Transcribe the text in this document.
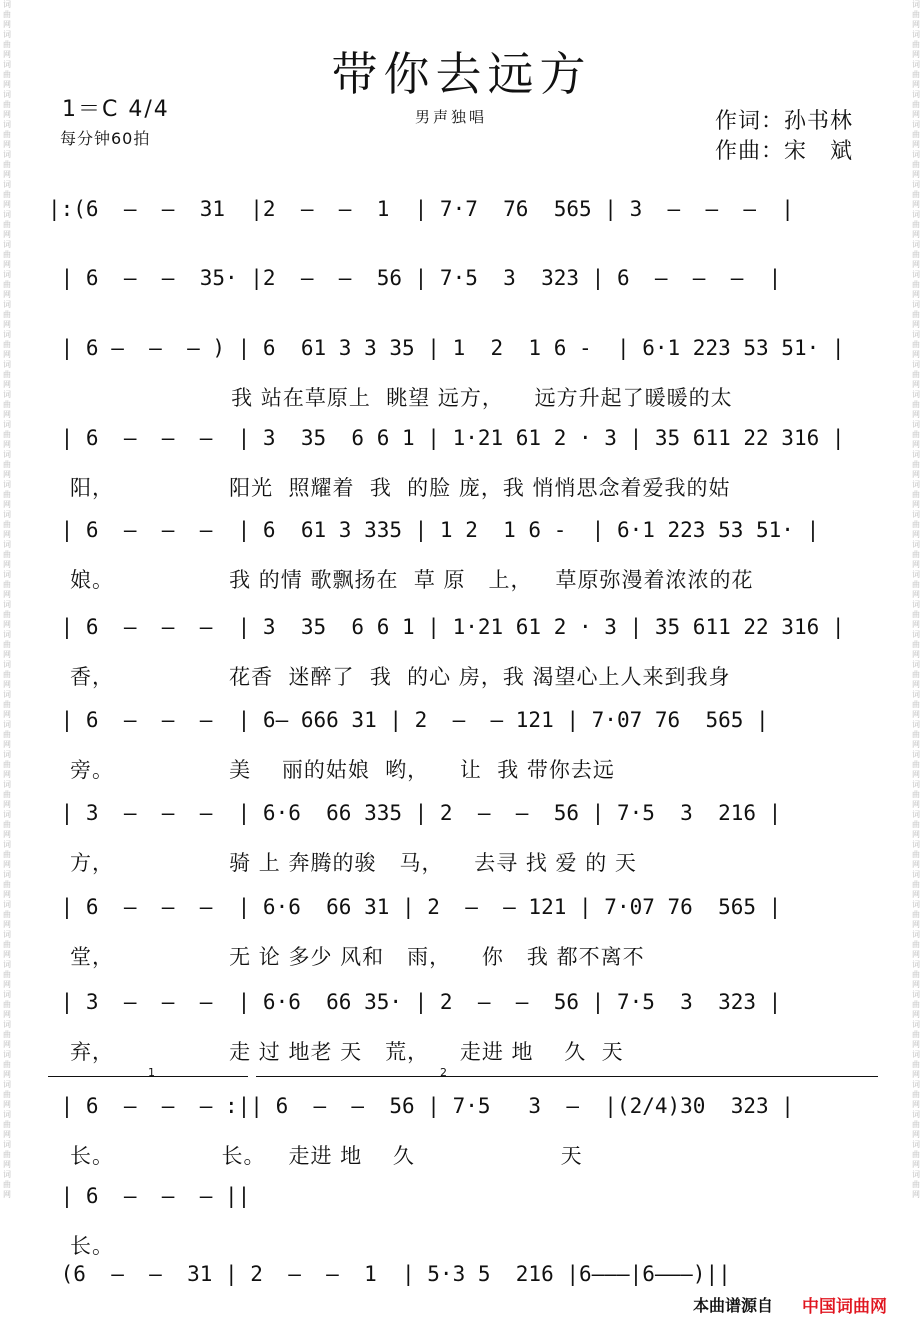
词曲网词曲网词曲网词曲网词曲网词曲网词曲网词曲网词曲网词曲网词曲网词曲网词曲网词曲网词曲网词曲网词曲网词曲网词曲网词曲网词曲网词曲网词曲网词曲网词曲网词曲网词曲网词曲网词曲网词曲网词曲网词曲网词曲网词曲网词曲网词曲网词曲网词曲网词曲网词曲网
词曲网词曲网词曲网词曲网词曲网词曲网词曲网词曲网词曲网词曲网词曲网词曲网词曲网词曲网词曲网词曲网词曲网词曲网词曲网词曲网词曲网词曲网词曲网词曲网词曲网词曲网词曲网词曲网词曲网词曲网词曲网词曲网词曲网词曲网词曲网词曲网词曲网词曲网词曲网词曲网
带你去远方
1＝C 4/4
每分钟60拍
男声独唱	作词：孙书林
作曲：宋　斌
|:(6  —  —  31  |2  —  —  1  | 7·7  76  565 | 3  —  —  —  |
| 6  —  —  35· |2  —  —  56 | 7·5  3  323 | 6  —  —  —  |
| 6 —  —  — ) | 6  61 3 3 35 | 1  2  1 6 -  | 6·1 223 53 51· |
我 站在草原上  眺望 远方，    远方升起了暖暖的太
| 6  —  —  —  | 3  35  6 6 1 | 1·21 61 2 · 3 | 35 611 22 316 |
阳，               阳光  照耀着  我  的脸 庞，我 悄悄思念着爱我的姑
| 6  —  —  —  | 6  61 3 335 | 1 2  1 6 -  | 6·1 223 53 51· |
娘。               我 的情 歌飘扬在  草 原   上，   草原弥漫着浓浓的花
| 6  —  —  —  | 3  35  6 6 1 | 1·21 61 2 · 3 | 35 611 22 316 |
香，               花香  迷醉了  我  的心 房，我 渴望心上人来到我身
| 6  —  —  —  | 6— 666 31 | 2  —  — 121 | 7·07 76  565 |
旁。               美    丽的姑娘  哟，    让  我 带你去远
| 3  —  —  —  | 6·6  66 335 | 2  —  —  56 | 7·5  3  216 |
方，               骑 上 奔腾的骏   马，    去寻 找 爱 的 天
| 6  —  —  —  | 6·6  66 31 | 2  —  — 121 | 7·07 76  565 |
堂，               无 论 多少 风和   雨，    你   我 都不离不
| 3  —  —  —  | 6·6  66 35· | 2  —  —  56 | 7·5  3  323 |
弃，               走 过 地老 天   荒，    走进 地    久  天
1	2
| 6  —  —  — :|| 6  —  —  56 | 7·5   3  —  |(2/4)30  323 |
长。              长。   走进 地    久                   天
| 6  —  —  — ||
长。
(6  —  —  31 | 2  —  —  1  | 5·3 5  216 |6———|6———)||
本曲谱源自 中国词曲网
